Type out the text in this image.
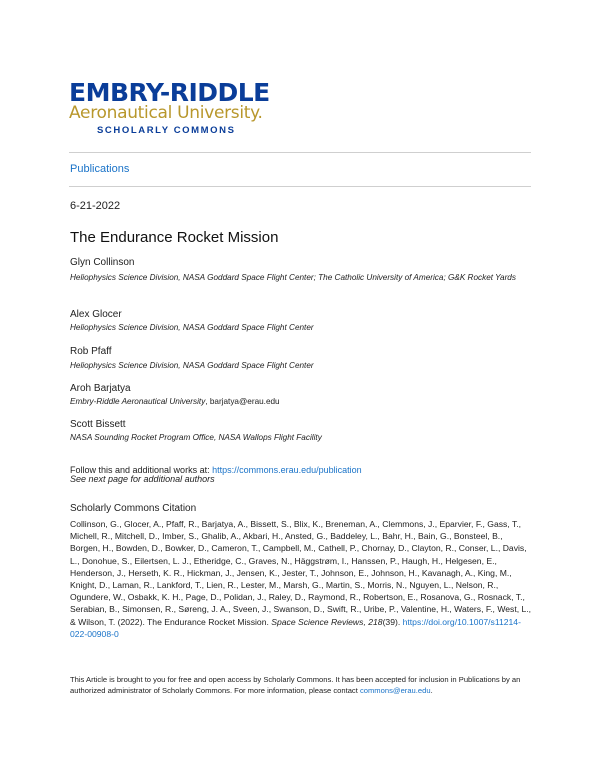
EMBRY-RIDDLE
Aeronautical University.
SCHOLARLY COMMONS
Publications
6-21-2022
The Endurance Rocket Mission
Glyn Collinson
Heliophysics Science Division, NASA Goddard Space Flight Center; The Catholic University of America; G&K Rocket Yards
Alex Glocer
Heliophysics Science Division, NASA Goddard Space Flight Center
Rob Pfaff
Heliophysics Science Division, NASA Goddard Space Flight Center
Aroh Barjatya
Embry-Riddle Aeronautical University, barjatya@erau.edu
Scott Bissett
NASA Sounding Rocket Program Office, NASA Wallops Flight Facility
Follow this and additional works at: https://commons.erau.edu/publication
See next page for additional authors
Scholarly Commons Citation
Collinson, G., Glocer, A., Pfaff, R., Barjatya, A., Bissett, S., Blix, K., Breneman, A., Clemmons, J., Eparvier, F., Gass, T., Michell, R., Mitchell, D., Imber, S., Ghalib, A., Akbari, H., Ansted, G., Baddeley, L., Bahr, H., Bain, G., Bonsteel, B., Borgen, H., Bowden, D., Bowker, D., Cameron, T., Campbell, M., Cathell, P., Chornay, D., Clayton, R., Conser, L., Davis, L., Donohue, S., Eilertsen, L. J., Etheridge, C., Graves, N., Häggstrøm, I., Hanssen, P., Haugh, H., Helgesen, E., Henderson, J., Herseth, K. R., Hickman, J., Jensen, K., Jester, T., Johnson, E., Johnson, H., Kavanagh, A., King, M., Knight, D., Laman, R., Lankford, T., Lien, R., Lester, M., Marsh, G., Martin, S., Morris, N., Nguyen, L., Nelson, R., Ogundere, W., Osbakk, K. H., Page, D., Polidan, J., Raley, D., Raymond, R., Robertson, E., Rosanova, G., Rosnack, T., Serabian, B., Simonsen, R., Søreng, J. A., Sveen, J., Swanson, D., Swift, R., Uribe, P., Valentine, H., Waters, F., West, L., & Wilson, T. (2022). The Endurance Rocket Mission. Space Science Reviews, 218(39). https://doi.org/10.1007/s11214-022-00908-0
This Article is brought to you for free and open access by Scholarly Commons. It has been accepted for inclusion in Publications by an authorized administrator of Scholarly Commons. For more information, please contact commons@erau.edu.
